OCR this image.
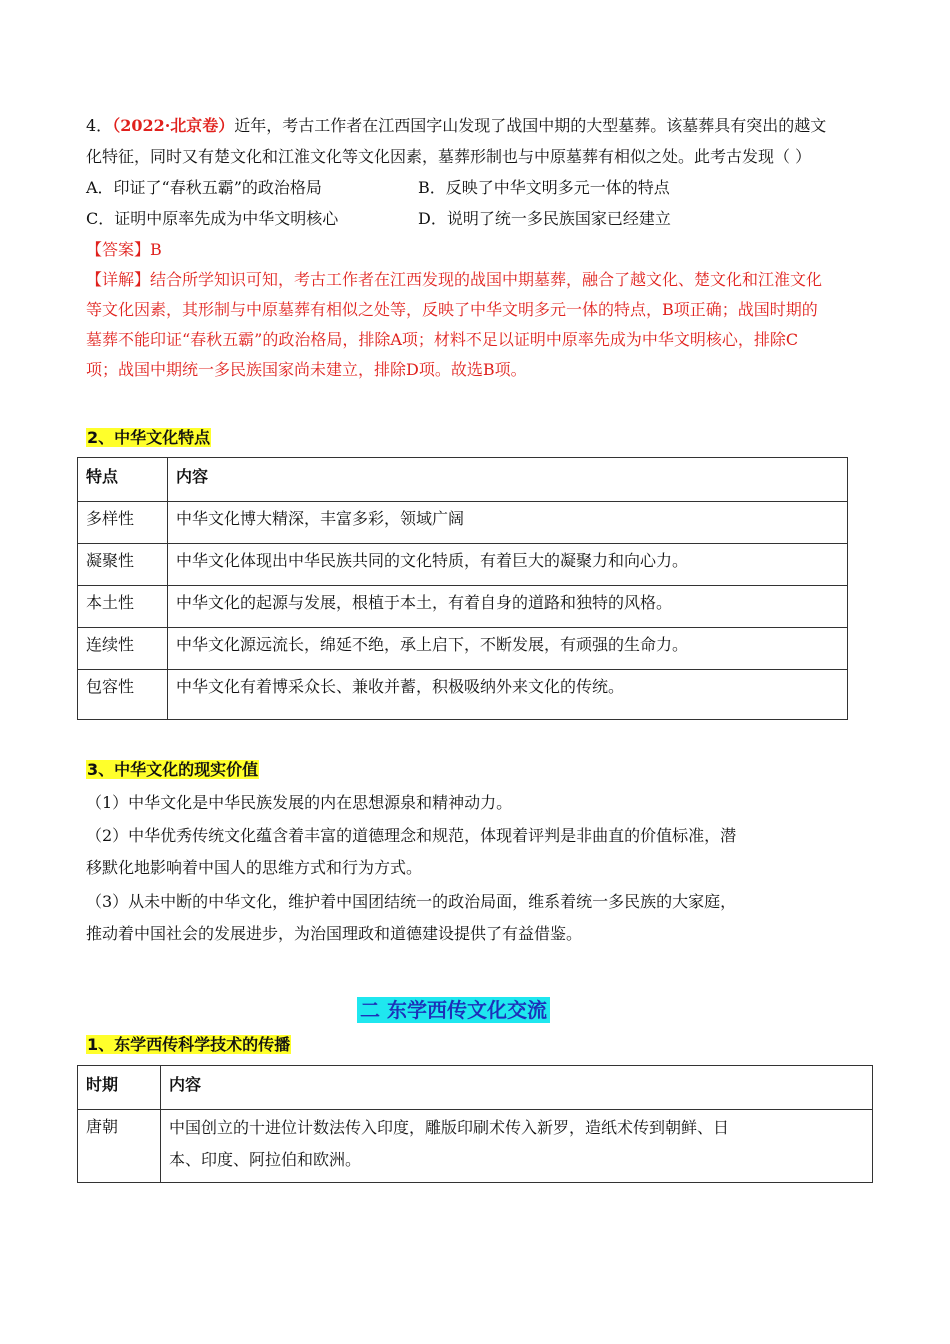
4．（2022·北京卷）近年，考古工作者在江西国字山发现了战国中期的大型墓葬。该墓葬具有突出的越文
化特征，同时又有楚文化和江淮文化等文化因素，墓葬形制也与中原墓葬有相似之处。此考古发现（ ）
A．印证了“春秋五霸”的政治格局	B．反映了中华文明多元一体的特点
C．证明中原率先成为中华文明核心	D．说明了统一多民族国家已经建立
【答案】B
【详解】结合所学知识可知，考古工作者在江西发现的战国中期墓葬，融合了越文化、楚文化和江淮文化
等文化因素，其形制与中原墓葬有相似之处等，反映了中华文明多元一体的特点，B项正确；战国时期的
墓葬不能印证“春秋五霸”的政治格局，排除A项；材料不足以证明中原率先成为中华文明核心，排除C
项；战国中期统一多民族国家尚未建立，排除D项。故选B项。
2、中华文化特点
特点	内容
多样性	中华文化博大精深，丰富多彩，领域广阔
凝聚性	中华文化体现出中华民族共同的文化特质，有着巨大的凝聚力和向心力。
本土性	中华文化的起源与发展，根植于本土，有着自身的道路和独特的风格。
连续性	中华文化源远流长，绵延不绝，承上启下，不断发展，有顽强的生命力。
包容性	中华文化有着博采众长、兼收并蓄，积极吸纳外来文化的传统。
3、中华文化的现实价值
（1）中华文化是中华民族发展的内在思想源泉和精神动力。
（2）中华优秀传统文化蕴含着丰富的道德理念和规范，体现着评判是非曲直的价值标准，潜
移默化地影响着中国人的思维方式和行为方式。
（3）从未中断的中华文化，维护着中国团结统一的政治局面，维系着统一多民族的大家庭，
推动着中国社会的发展进步，为治国理政和道德建设提供了有益借鉴。
二 东学西传文化交流
1、东学西传科学技术的传播
时期	内容
唐朝	中国创立的十进位计数法传入印度，雕版印刷术传入新罗，造纸术传到朝鲜、日
本、印度、阿拉伯和欧洲。
